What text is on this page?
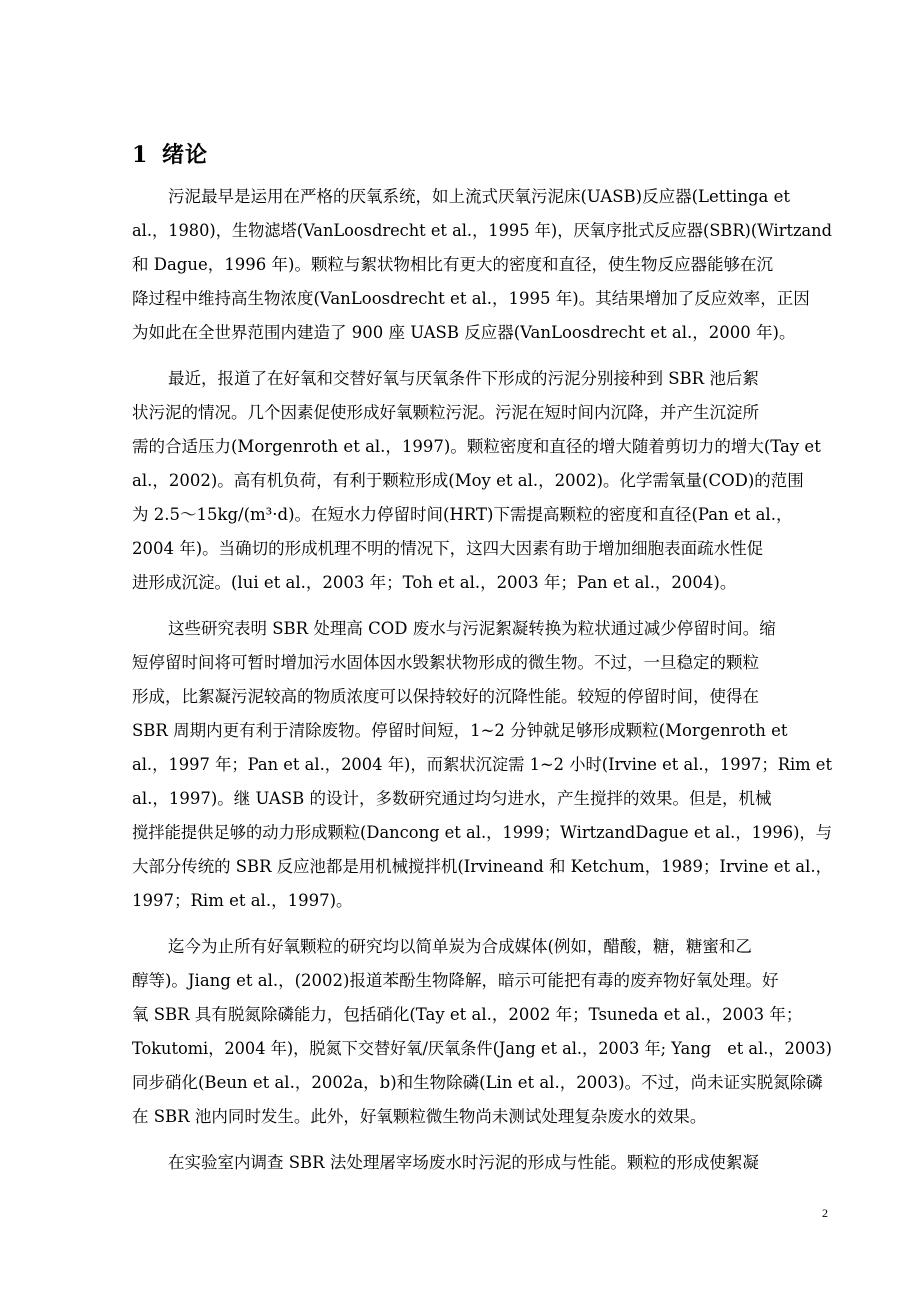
1 绪论

污泥最早是运用在严格的厌氧系统，如上流式厌氧污泥床(UASB)反应器(Lettinga et
al.，1980)，生物滤塔(VanLoosdrecht et al.，1995 年)，厌氧序批式反应器(SBR)(Wirtzand
和 Dague，1996 年)。颗粒与絮状物相比有更大的密度和直径，使生物反应器能够在沉
降过程中维持高生物浓度(VanLoosdrecht et al.，1995 年)。其结果增加了反应效率，正因
为如此在全世界范围内建造了 900 座 UASB 反应器(VanLoosdrecht et al.，2000 年)。

最近，报道了在好氧和交替好氧与厌氧条件下形成的污泥分别接种到 SBR 池后絮
状污泥的情况。几个因素促使形成好氧颗粒污泥。污泥在短时间内沉降，并产生沉淀所
需的合适压力(Morgenroth et al.，1997)。颗粒密度和直径的增大随着剪切力的增大(Tay et
al.，2002)。高有机负荷，有利于颗粒形成(Moy et al.，2002)。化学需氧量(COD)的范围
为 2.5～15kg/(m³·d)。在短水力停留时间(HRT)下需提高颗粒的密度和直径(Pan et al.，
2004 年)。当确切的形成机理不明的情况下，这四大因素有助于增加细胞表面疏水性促
进形成沉淀。(lui et al.，2003 年；Toh et al.，2003 年；Pan et al.，2004)。

这些研究表明 SBR 处理高 COD 废水与污泥絮凝转换为粒状通过减少停留时间。缩
短停留时间将可暂时增加污水固体因水毁絮状物形成的微生物。不过，一旦稳定的颗粒
形成，比絮凝污泥较高的物质浓度可以保持较好的沉降性能。较短的停留时间，使得在
SBR 周期内更有利于清除废物。停留时间短，1~2 分钟就足够形成颗粒(Morgenroth et
al.，1997 年；Pan et al.，2004 年)，而絮状沉淀需 1~2 小时(Irvine et al.，1997；Rim et
al.，1997)。继 UASB 的设计，多数研究通过均匀进水，产生搅拌的效果。但是，机械
搅拌能提供足够的动力形成颗粒(Dancong et al.，1999；WirtzandDague et al.，1996)，与
大部分传统的 SBR 反应池都是用机械搅拌机(Irvineand 和 Ketchum，1989；Irvine et al.，
1997；Rim et al.，1997)。

迄今为止所有好氧颗粒的研究均以简单炭为合成媒体(例如，醋酸，糖，糖蜜和乙
醇等)。Jiang et al.，(2002)报道苯酚生物降解，暗示可能把有毒的废弃物好氧处理。好
氧 SBR 具有脱氮除磷能力，包括硝化(Tay et al.，2002 年；Tsuneda et al.，2003 年；
Tokutomi，2004 年)，脱氮下交替好氧/厌氧条件(Jang et al.，2003 年; Yang　et al.，2003)
同步硝化(Beun et al.，2002a，b)和生物除磷(Lin et al.，2003)。不过，尚未证实脱氮除磷
在 SBR 池内同时发生。此外，好氧颗粒微生物尚未测试处理复杂废水的效果。

在实验室内调查 SBR 法处理屠宰场废水时污泥的形成与性能。颗粒的形成使絮凝

2
